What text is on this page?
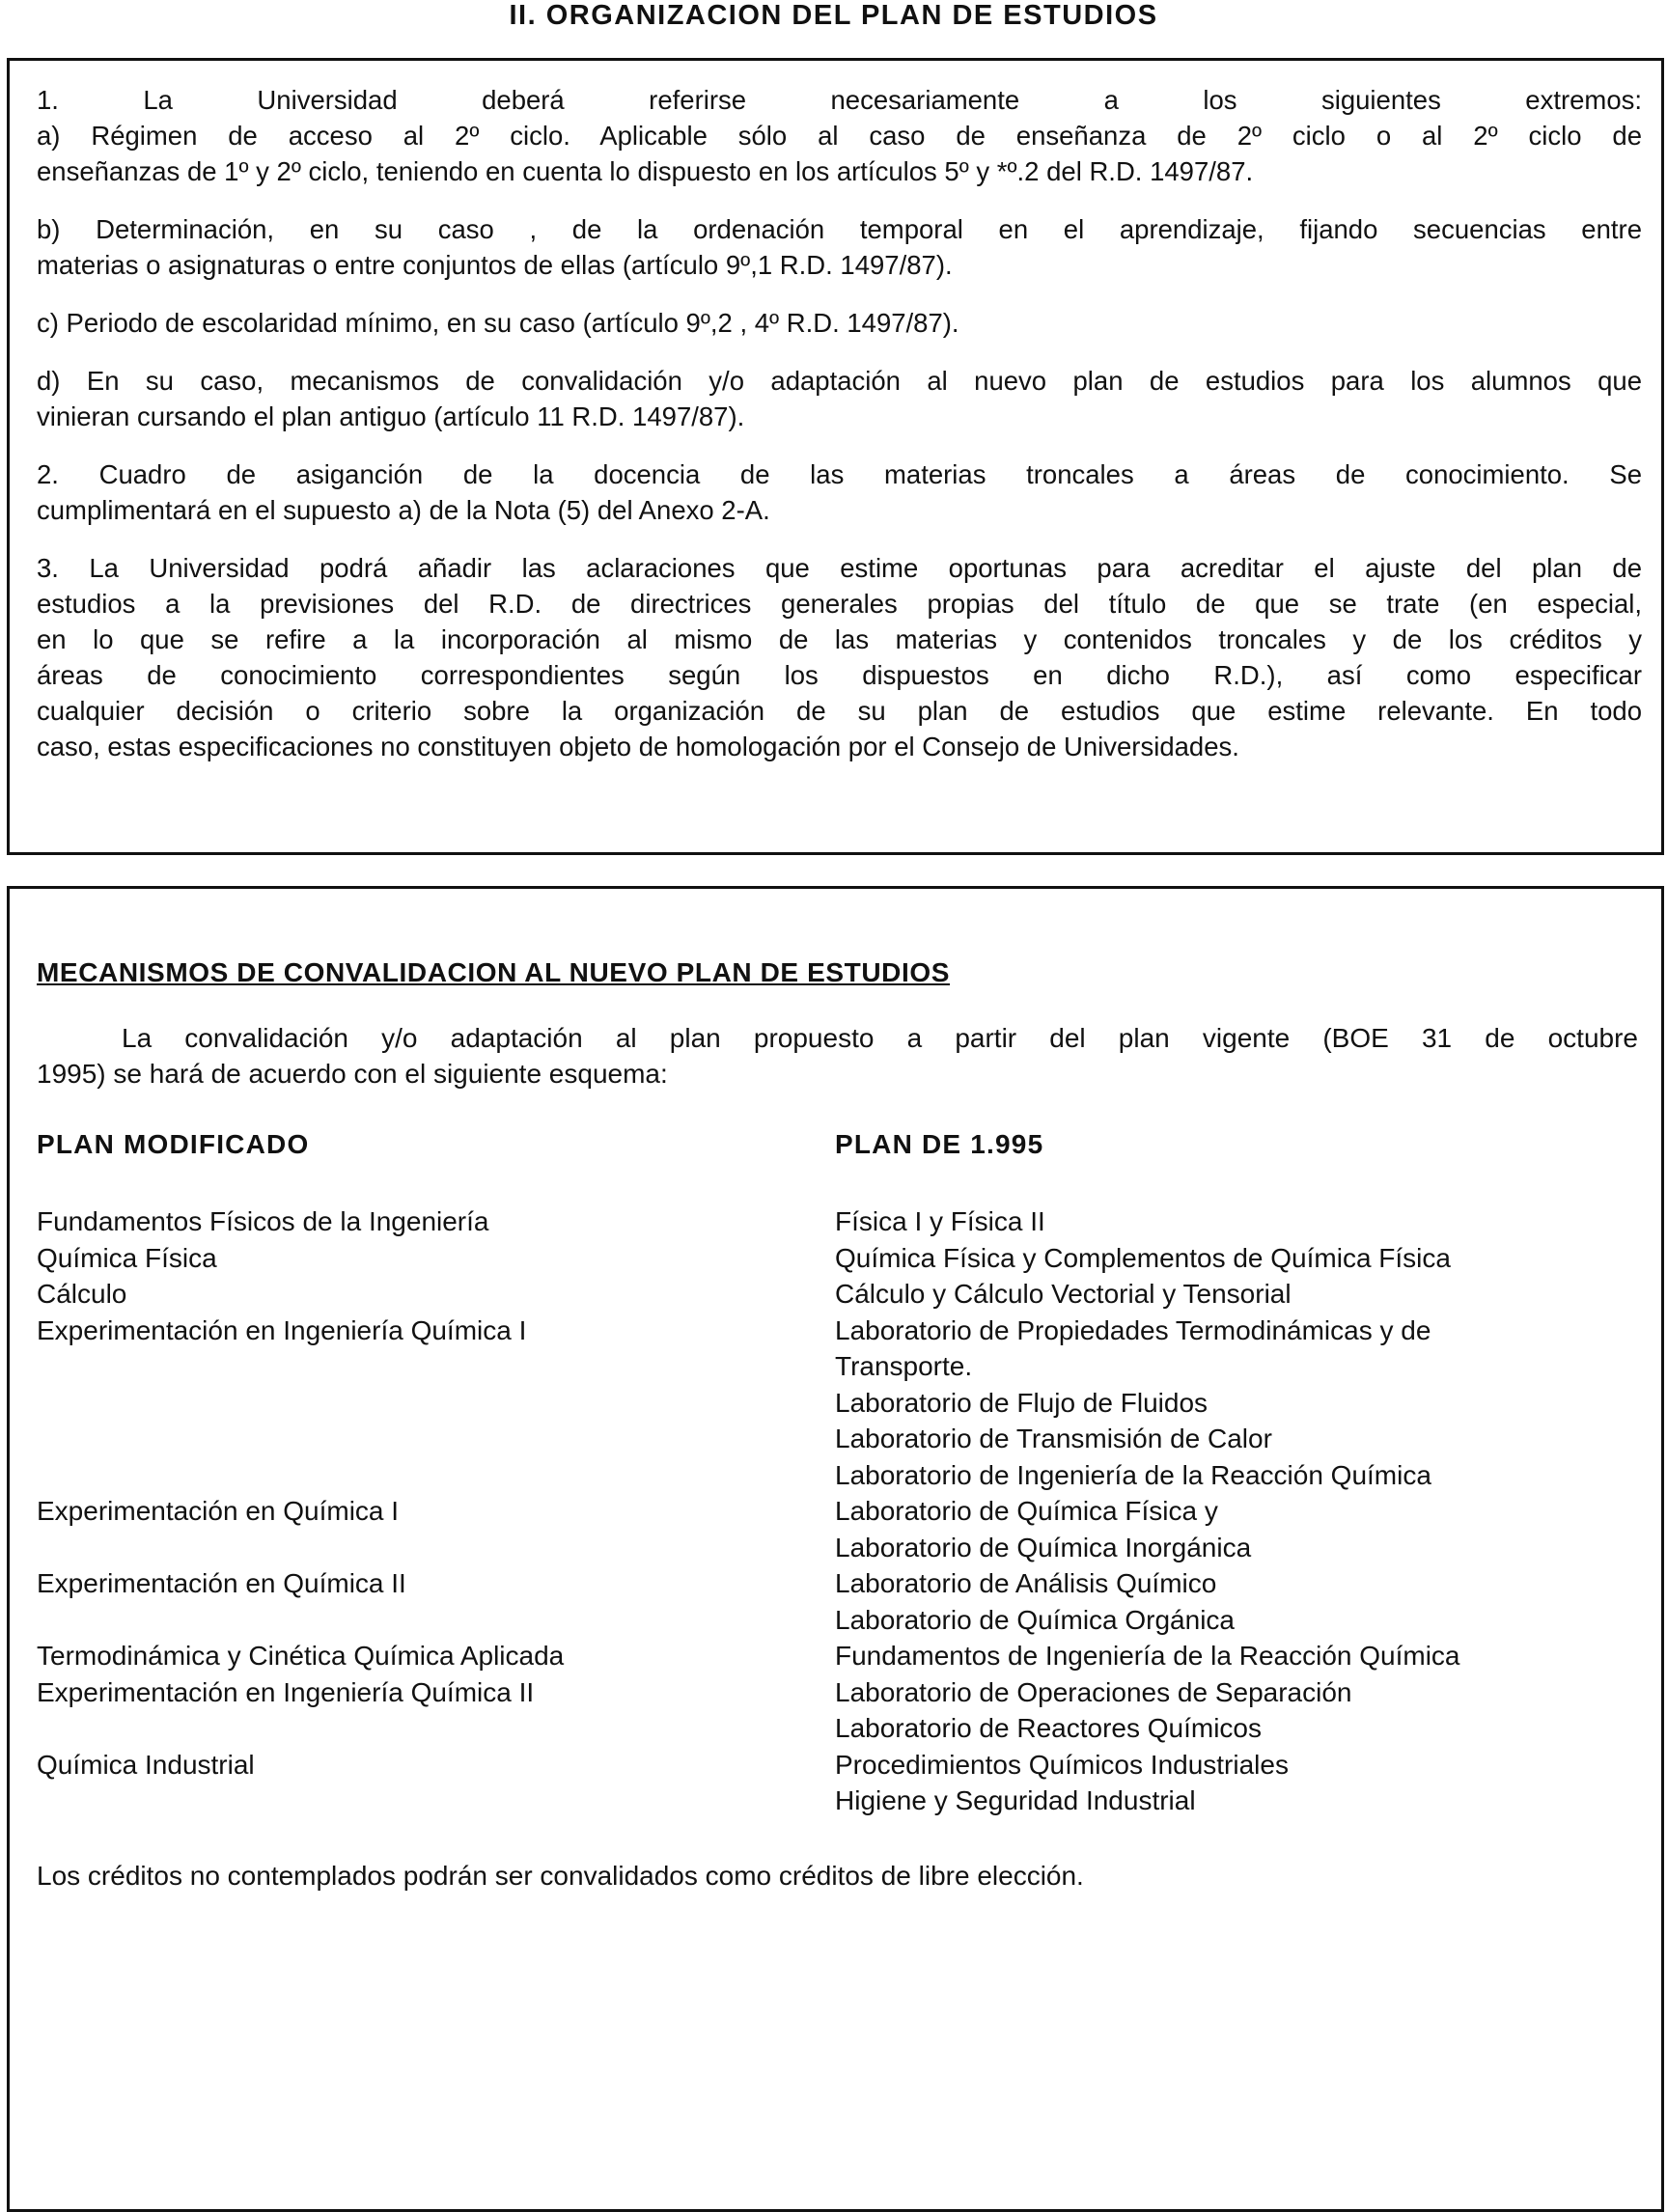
II. ORGANIZACION DEL PLAN DE ESTUDIOS
1. La Universidad deberá referirse necesariamente a los siguientes extremos:
a) Régimen de acceso al 2º ciclo. Aplicable sólo al caso de enseñanza de 2º ciclo o al 2º ciclo de
enseñanzas de 1º y 2º ciclo, teniendo en cuenta lo dispuesto en los artículos 5º y *º.2 del R.D. 1497/87.
b) Determinación, en su caso , de la ordenación temporal en el aprendizaje, fijando secuencias entre
materias o asignaturas o entre conjuntos de ellas (artículo 9º,1 R.D. 1497/87).
c) Periodo de escolaridad mínimo, en su caso (artículo 9º,2 , 4º R.D. 1497/87).
d) En su caso, mecanismos de convalidación y/o adaptación al nuevo plan de estudios para los alumnos que
vinieran cursando el plan antiguo (artículo 11 R.D. 1497/87).
2. Cuadro de asiganción de la docencia de las materias troncales a áreas de conocimiento. Se
cumplimentará en el supuesto a) de la Nota (5) del Anexo 2-A.
3. La Universidad podrá añadir las aclaraciones que estime oportunas para acreditar el ajuste del plan de
estudios a la previsiones del R.D. de directrices generales propias del título de que se trate (en especial,
en lo que se refire a la incorporación al mismo de las materias y contenidos troncales y de los créditos y
áreas de conocimiento correspondientes según los dispuestos en dicho R.D.), así como especificar
cualquier decisión o criterio sobre la organización de su plan de estudios que estime relevante. En todo
caso, estas especificaciones no constituyen objeto de homologación por el Consejo de Universidades.
MECANISMOS DE CONVALIDACION AL NUEVO PLAN DE ESTUDIOS
La convalidación y/o adaptación al plan propuesto a partir del plan vigente (BOE 31 de octubre
1995) se hará de acuerdo con el siguiente esquema:
PLAN MODIFICADO	PLAN DE 1.995
Fundamentos Físicos de la Ingeniería	Física I y Física II
Química Física	Química Física y Complementos de Química Física
Cálculo	Cálculo y Cálculo Vectorial y Tensorial
Experimentación en Ingeniería Química I	Laboratorio de Propiedades Termodinámicas y de
Transporte.
Laboratorio de Flujo de Fluidos
Laboratorio de Transmisión de Calor
Laboratorio de Ingeniería de la Reacción Química
Experimentación en Química I	Laboratorio de Química Física y
Laboratorio de Química Inorgánica
Experimentación en Química II	Laboratorio de Análisis Químico
Laboratorio de Química Orgánica
Termodinámica y Cinética Química Aplicada	Fundamentos de Ingeniería de la Reacción Química
Experimentación en Ingeniería Química II	Laboratorio de Operaciones de Separación
Laboratorio de Reactores Químicos
Química Industrial	Procedimientos Químicos Industriales
Higiene y Seguridad Industrial
Los créditos no contemplados podrán ser convalidados como créditos de libre elección.
